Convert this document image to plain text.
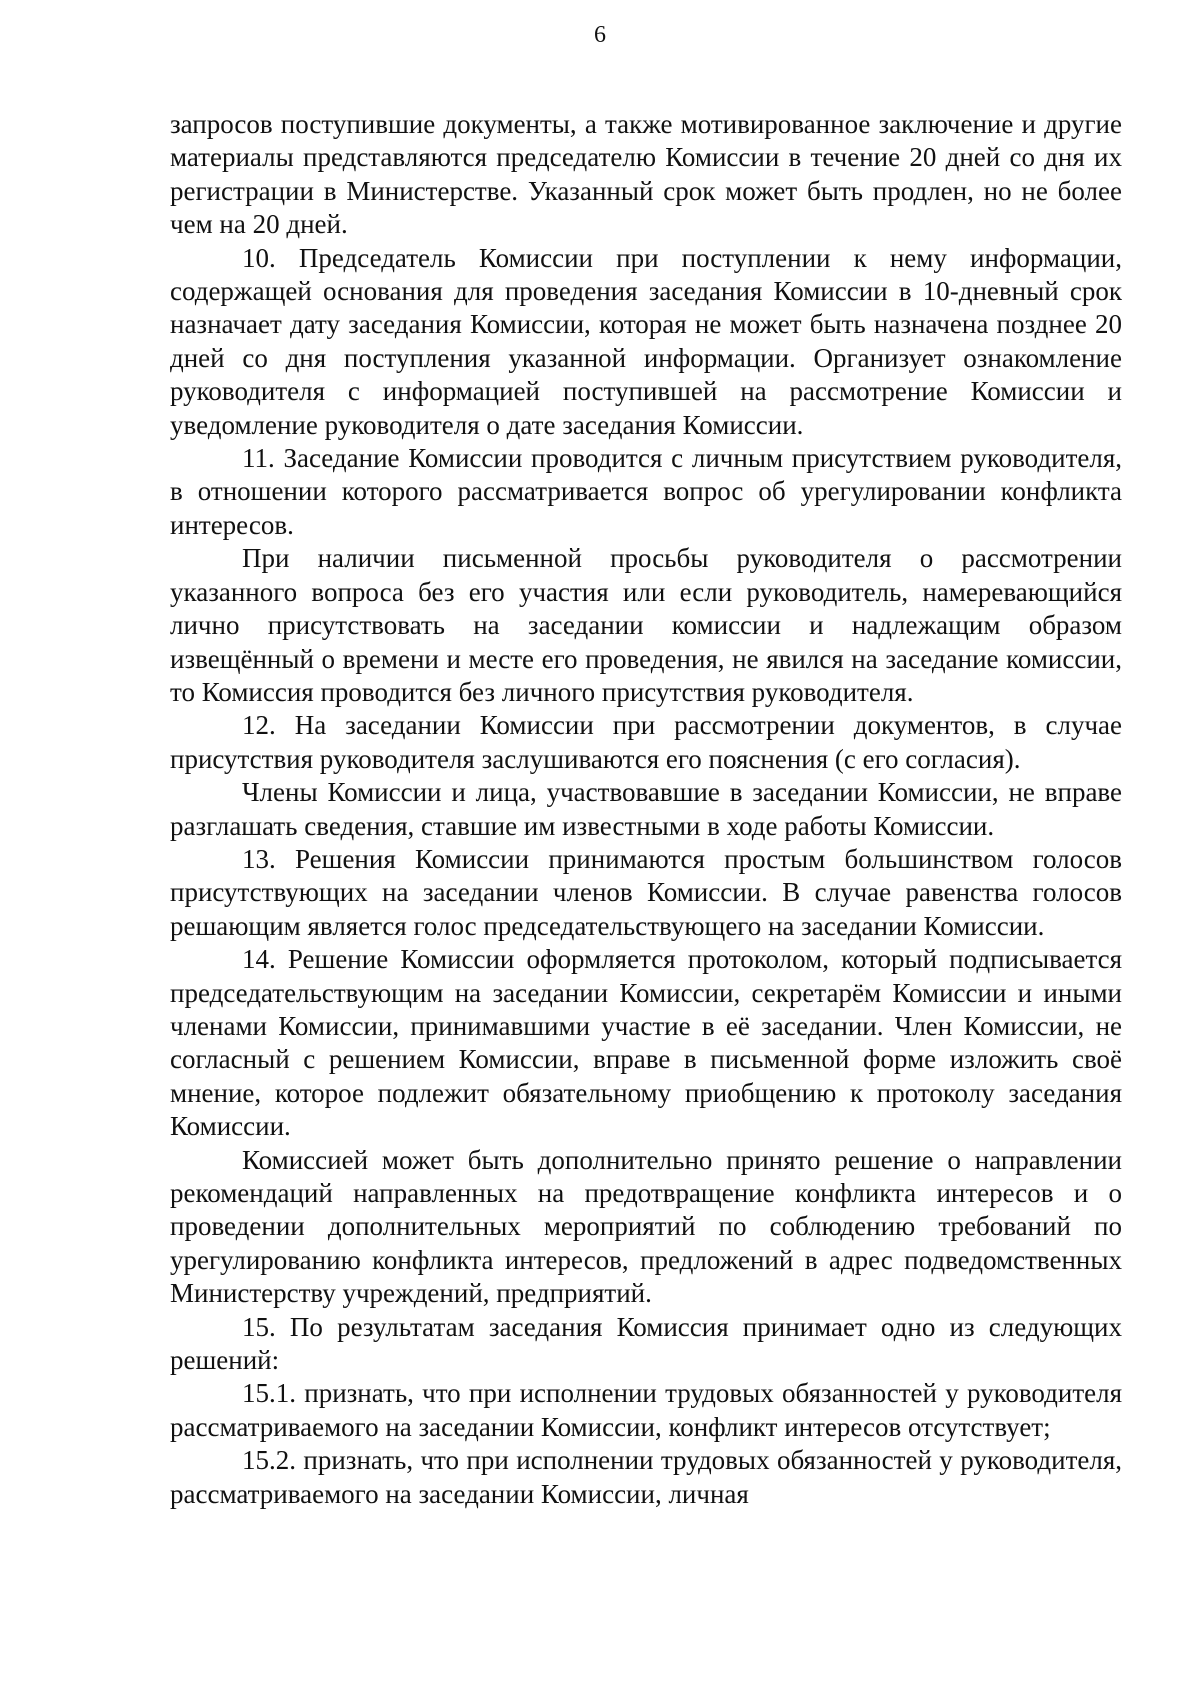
6

запросов поступившие документы, а также мотивированное заключение и другие материалы представляются председателю Комиссии в течение 20 дней со дня их регистрации в Министерстве. Указанный срок может быть продлен, но не более чем на 20 дней.

10. Председатель Комиссии при поступлении к нему информации, содержащей основания для проведения заседания Комиссии в 10-дневный срок назначает дату заседания Комиссии, которая не может быть назначена позднее 20 дней со дня поступления указанной информации. Организует ознакомление руководителя с информацией поступившей на рассмотрение Комиссии и уведомление руководителя о дате заседания Комиссии.

11. Заседание Комиссии проводится с личным присутствием руководителя, в отношении которого рассматривается вопрос об урегулировании конфликта интересов.

При наличии письменной просьбы руководителя о рассмотрении указанного вопроса без его участия или если руководитель, намеревающийся лично присутствовать на заседании комиссии и надлежащим образом извещённый о времени и месте его проведения, не явился на заседание комиссии, то Комиссия проводится без личного присутствия руководителя.

12. На заседании Комиссии при рассмотрении документов, в случае присутствия руководителя заслушиваются его пояснения (с его согласия).

Члены Комиссии и лица, участвовавшие в заседании Комиссии, не вправе разглашать сведения, ставшие им известными в ходе работы Комиссии.

13. Решения Комиссии принимаются простым большинством голосов присутствующих на заседании членов Комиссии. В случае равенства голосов решающим является голос председательствующего на заседании Комиссии.

14. Решение Комиссии оформляется протоколом, который подписывается председательствующим на заседании Комиссии, секретарём Комиссии и иными членами Комиссии, принимавшими участие в её заседании. Член Комиссии, не согласный с решением Комиссии, вправе в письменной форме изложить своё мнение, которое подлежит обязательному приобщению к протоколу заседания Комиссии.

Комиссией может быть дополнительно принято решение о направлении рекомендаций направленных на предотвращение конфликта интересов и о проведении дополнительных мероприятий по соблюдению требований по урегулированию конфликта интересов, предложений в адрес подведомственных Министерству учреждений, предприятий.

15. По результатам заседания Комиссия принимает одно из следующих решений:

15.1. признать, что при исполнении трудовых обязанностей у руководителя рассматриваемого на заседании Комиссии, конфликт интересов отсутствует;

15.2. признать, что при исполнении трудовых обязанностей у руководителя, рассматриваемого на заседании Комиссии, личная
